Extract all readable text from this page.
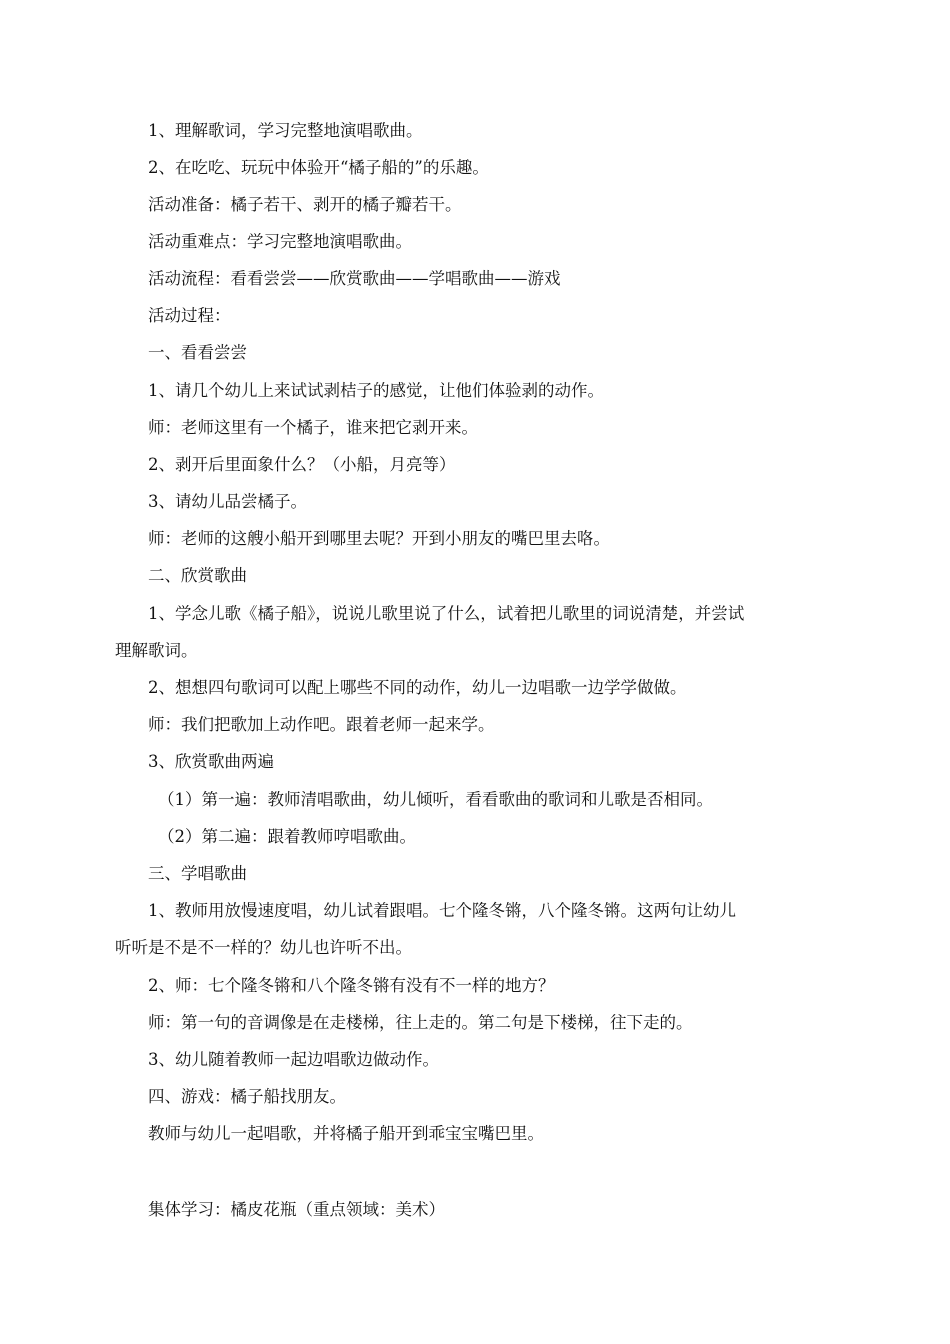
1、理解歌词，学习完整地演唱歌曲。
2、在吃吃、玩玩中体验开“橘子船的”的乐趣。
活动准备：橘子若干、剥开的橘子瓣若干。
活动重难点：学习完整地演唱歌曲。
活动流程：看看尝尝——欣赏歌曲——学唱歌曲——游戏
活动过程：
一、看看尝尝
1、请几个幼儿上来试试剥桔子的感觉，让他们体验剥的动作。
师：老师这里有一个橘子，谁来把它剥开来。
2、剥开后里面象什么？（小船，月亮等）
3、请幼儿品尝橘子。
师：老师的这艘小船开到哪里去呢？开到小朋友的嘴巴里去咯。
二、欣赏歌曲
1、学念儿歌《橘子船》，说说儿歌里说了什么，试着把儿歌里的词说清楚，并尝试
理解歌词。
2、想想四句歌词可以配上哪些不同的动作，幼儿一边唱歌一边学学做做。
师：我们把歌加上动作吧。跟着老师一起来学。
3、欣赏歌曲两遍
（1）第一遍：教师清唱歌曲，幼儿倾听，看看歌曲的歌词和儿歌是否相同。
（2）第二遍：跟着教师哼唱歌曲。
三、学唱歌曲
1、教师用放慢速度唱，幼儿试着跟唱。七个隆冬锵，八个隆冬锵。这两句让幼儿
听听是不是不一样的？幼儿也许听不出。
2、师：七个隆冬锵和八个隆冬锵有没有不一样的地方？
师：第一句的音调像是在走楼梯，往上走的。第二句是下楼梯，往下走的。
3、幼儿随着教师一起边唱歌边做动作。
四、游戏：橘子船找朋友。
教师与幼儿一起唱歌，并将橘子船开到乖宝宝嘴巴里。
集体学习：橘皮花瓶（重点领域：美术）
